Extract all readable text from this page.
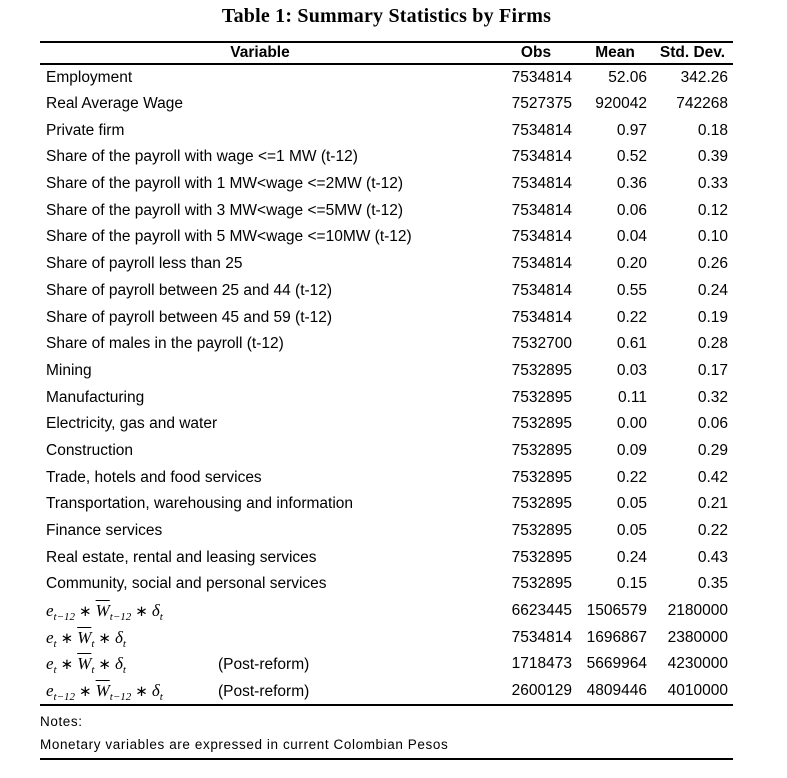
Table 1: Summary Statistics by Firms
Variable	Obs	Mean	Std. Dev.
Employment	7534814	52.06	342.26
Real Average Wage	7527375	920042	742268
Private firm	7534814	0.97	0.18
Share of the payroll with wage <=1 MW (t-12)	7534814	0.52	0.39
Share of the payroll with 1 MW<wage <=2MW (t-12)	7534814	0.36	0.33
Share of the payroll with 3 MW<wage <=5MW (t-12)	7534814	0.06	0.12
Share of the payroll with 5 MW<wage <=10MW (t-12)	7534814	0.04	0.10
Share of payroll less than 25	7534814	0.20	0.26
Share of payroll between 25 and 44 (t-12)	7534814	0.55	0.24
Share of payroll between 45 and 59 (t-12)	7534814	0.22	0.19
Share of males in the payroll (t-12)	7532700	0.61	0.28
Mining	7532895	0.03	0.17
Manufacturing	7532895	0.11	0.32
Electricity, gas and water	7532895	0.00	0.06
Construction	7532895	0.09	0.29
Trade, hotels and food services	7532895	0.22	0.42
Transportation, warehousing and information	7532895	0.05	0.21
Finance services	7532895	0.05	0.22
Real estate, rental and leasing services	7532895	0.24	0.43
Community, social and personal services	7532895	0.15	0.35
$e_{t-12}$ ∗ $\overline{W}_{t-12}$ ∗ $\delta_t$	6623445	1506579	2180000
$e_t$ ∗ $\overline{W}_t$ ∗ $\delta_t$	7534814	1696867	2380000
$e_t$ ∗ $\overline{W}_t$ ∗ $\delta_t$ (Post-reform)	1718473	5669964	4230000
$e_{t-12}$ ∗ $\overline{W}_{t-12}$ ∗ $\delta_t$ (Post-reform)	2600129	4809446	4010000
Notes:
Monetary variables are expressed in current Colombian Pesos
